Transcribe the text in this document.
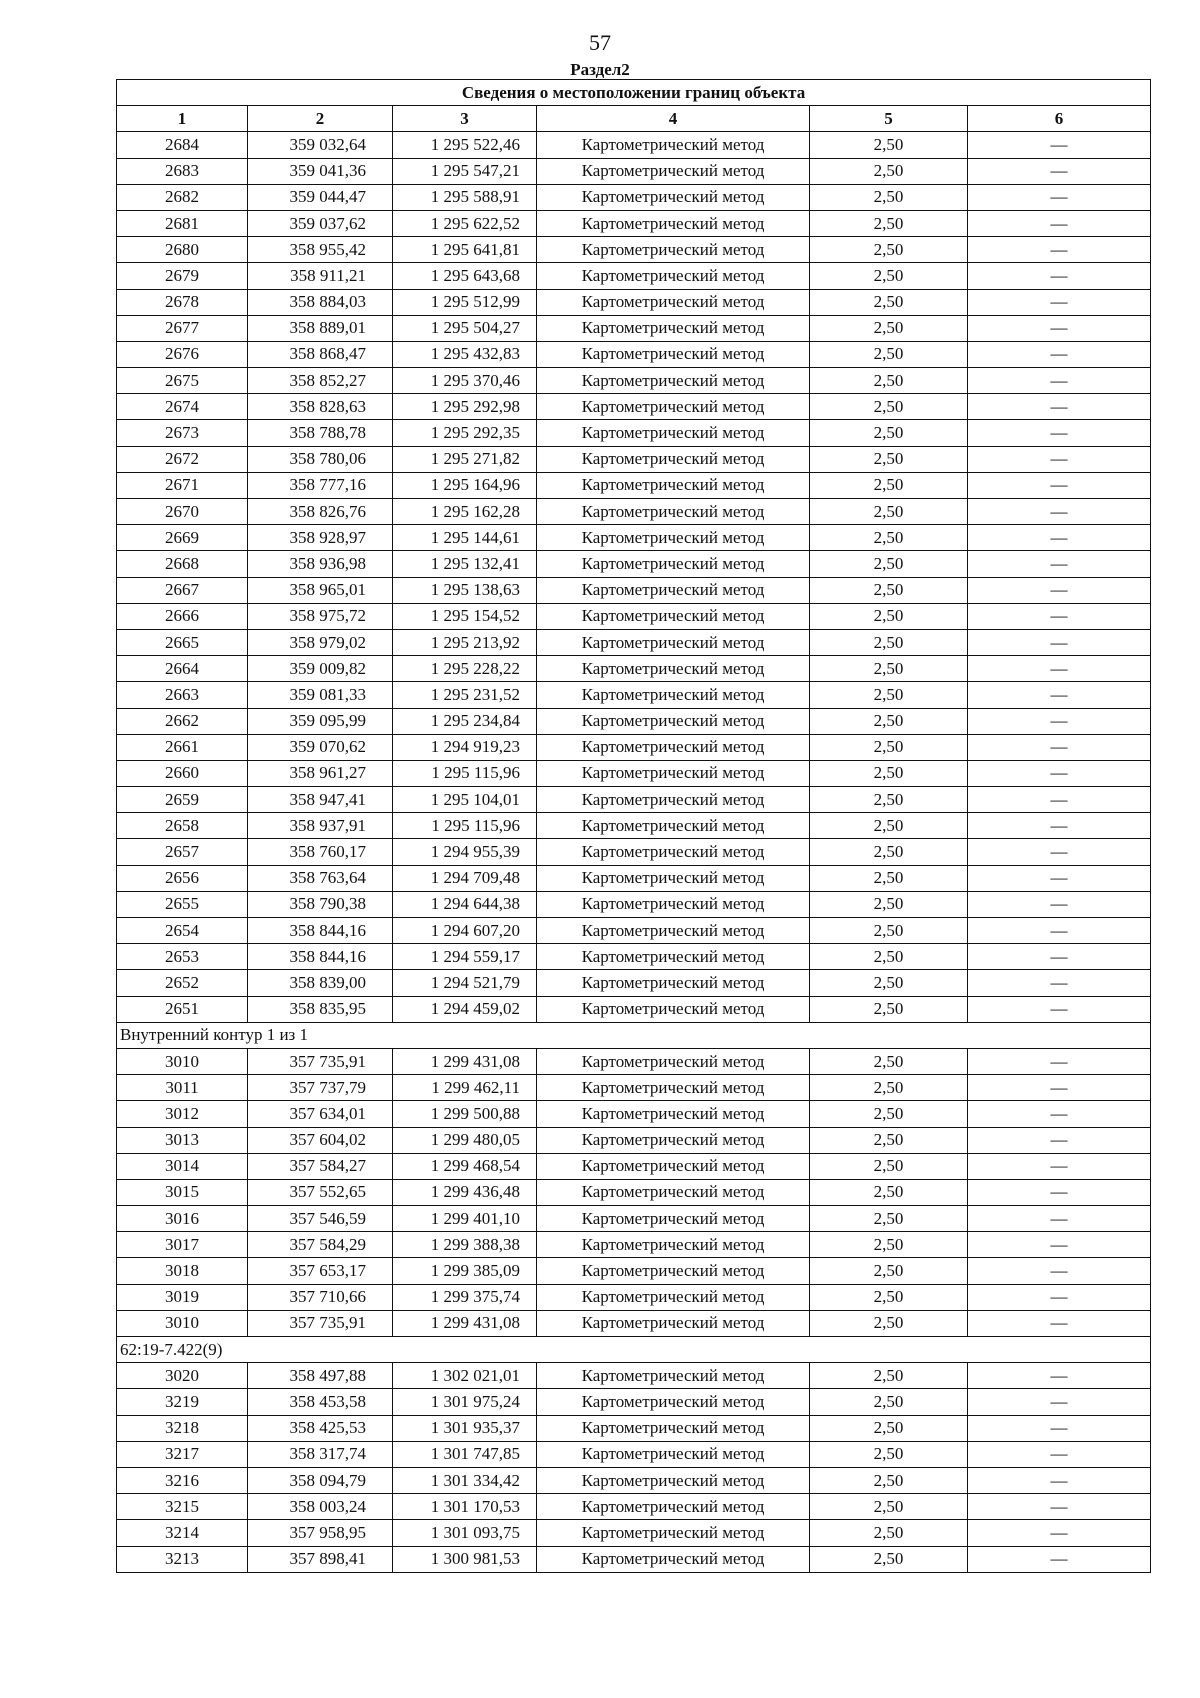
57
Раздел2
Сведения о местоположении границ объекта					
1	2	3	4	5	6
2684	359 032,64	1 295 522,46	Картометрический метод	2,50	—
2683	359 041,36	1 295 547,21	Картометрический метод	2,50	—
2682	359 044,47	1 295 588,91	Картометрический метод	2,50	—
2681	359 037,62	1 295 622,52	Картометрический метод	2,50	—
2680	358 955,42	1 295 641,81	Картометрический метод	2,50	—
2679	358 911,21	1 295 643,68	Картометрический метод	2,50	—
2678	358 884,03	1 295 512,99	Картометрический метод	2,50	—
2677	358 889,01	1 295 504,27	Картометрический метод	2,50	—
2676	358 868,47	1 295 432,83	Картометрический метод	2,50	—
2675	358 852,27	1 295 370,46	Картометрический метод	2,50	—
2674	358 828,63	1 295 292,98	Картометрический метод	2,50	—
2673	358 788,78	1 295 292,35	Картометрический метод	2,50	—
2672	358 780,06	1 295 271,82	Картометрический метод	2,50	—
2671	358 777,16	1 295 164,96	Картометрический метод	2,50	—
2670	358 826,76	1 295 162,28	Картометрический метод	2,50	—
2669	358 928,97	1 295 144,61	Картометрический метод	2,50	—
2668	358 936,98	1 295 132,41	Картометрический метод	2,50	—
2667	358 965,01	1 295 138,63	Картометрический метод	2,50	—
2666	358 975,72	1 295 154,52	Картометрический метод	2,50	—
2665	358 979,02	1 295 213,92	Картометрический метод	2,50	—
2664	359 009,82	1 295 228,22	Картометрический метод	2,50	—
2663	359 081,33	1 295 231,52	Картометрический метод	2,50	—
2662	359 095,99	1 295 234,84	Картометрический метод	2,50	—
2661	359 070,62	1 294 919,23	Картометрический метод	2,50	—
2660	358 961,27	1 295 115,96	Картометрический метод	2,50	—
2659	358 947,41	1 295 104,01	Картометрический метод	2,50	—
2658	358 937,91	1 295 115,96	Картометрический метод	2,50	—
2657	358 760,17	1 294 955,39	Картометрический метод	2,50	—
2656	358 763,64	1 294 709,48	Картометрический метод	2,50	—
2655	358 790,38	1 294 644,38	Картометрический метод	2,50	—
2654	358 844,16	1 294 607,20	Картометрический метод	2,50	—
2653	358 844,16	1 294 559,17	Картометрический метод	2,50	—
2652	358 839,00	1 294 521,79	Картометрический метод	2,50	—
2651	358 835,95	1 294 459,02	Картометрический метод	2,50	—
Внутренний контур 1 из 1					
3010	357 735,91	1 299 431,08	Картометрический метод	2,50	—
3011	357 737,79	1 299 462,11	Картометрический метод	2,50	—
3012	357 634,01	1 299 500,88	Картометрический метод	2,50	—
3013	357 604,02	1 299 480,05	Картометрический метод	2,50	—
3014	357 584,27	1 299 468,54	Картометрический метод	2,50	—
3015	357 552,65	1 299 436,48	Картометрический метод	2,50	—
3016	357 546,59	1 299 401,10	Картометрический метод	2,50	—
3017	357 584,29	1 299 388,38	Картометрический метод	2,50	—
3018	357 653,17	1 299 385,09	Картометрический метод	2,50	—
3019	357 710,66	1 299 375,74	Картометрический метод	2,50	—
3010	357 735,91	1 299 431,08	Картометрический метод	2,50	—
62:19-7.422(9)					
3020	358 497,88	1 302 021,01	Картометрический метод	2,50	—
3219	358 453,58	1 301 975,24	Картометрический метод	2,50	—
3218	358 425,53	1 301 935,37	Картометрический метод	2,50	—
3217	358 317,74	1 301 747,85	Картометрический метод	2,50	—
3216	358 094,79	1 301 334,42	Картометрический метод	2,50	—
3215	358 003,24	1 301 170,53	Картометрический метод	2,50	—
3214	357 958,95	1 301 093,75	Картометрический метод	2,50	—
3213	357 898,41	1 300 981,53	Картометрический метод	2,50	—
